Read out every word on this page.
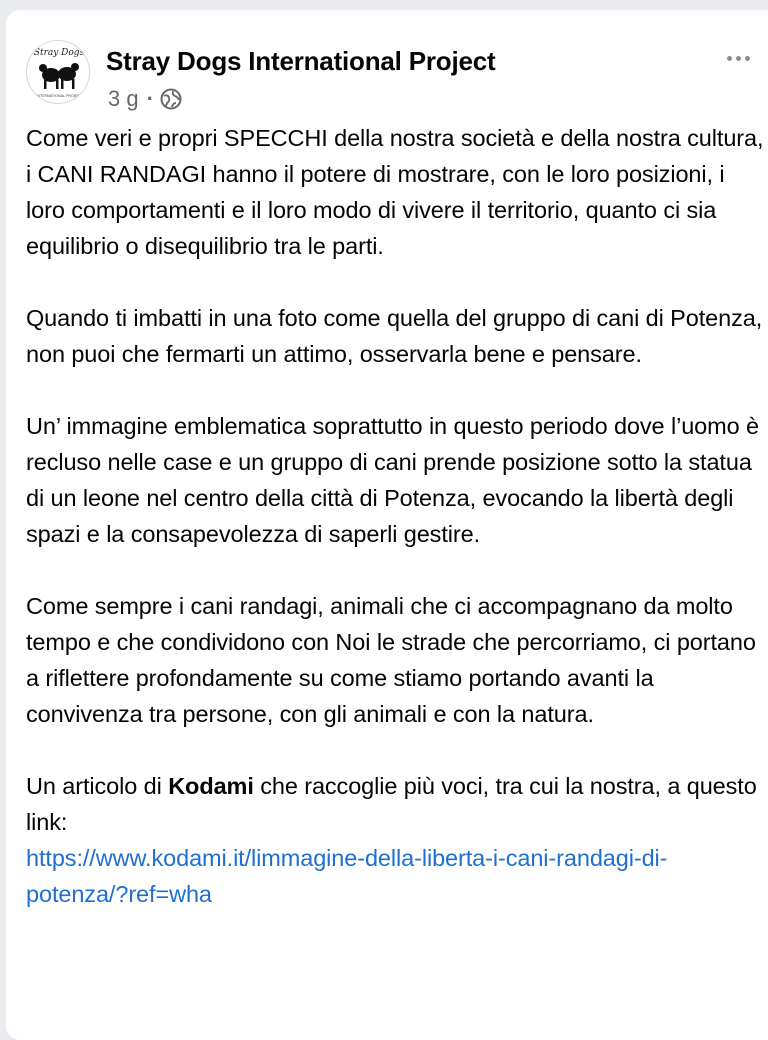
Stray Dogs
INTERNATIONAL PROJECT
Stray Dogs International Project
3 g ·

Come veri e propri SPECCHI della nostra società e della nostra cultura, i CANI RANDAGI hanno il potere di mostrare, con le loro posizioni, i loro comportamenti e il loro modo di vivere il territorio, quanto ci sia equilibrio o disequilibrio tra le parti.

Quando ti imbatti in una foto come quella del gruppo di cani di Potenza, non puoi che fermarti un attimo, osservarla bene e pensare.

Un’ immagine emblematica soprattutto in questo periodo dove l’uomo è recluso nelle case e un gruppo di cani prende posizione sotto la statua di un leone nel centro della città di Potenza, evocando la libertà degli spazi e la consapevolezza di saperli gestire.

Come sempre i cani randagi, animali che ci accompagnano da molto tempo e che condividono con Noi le strade che percorriamo, ci portano a riflettere profondamente su come stiamo portando avanti la convivenza tra persone, con gli animali e con la natura.

Un articolo di Kodami che raccoglie più voci, tra cui la nostra, a questo link:
https://www.kodami.it/limmagine-della-liberta-i-cani-randagi-di-potenza/?ref=wha
